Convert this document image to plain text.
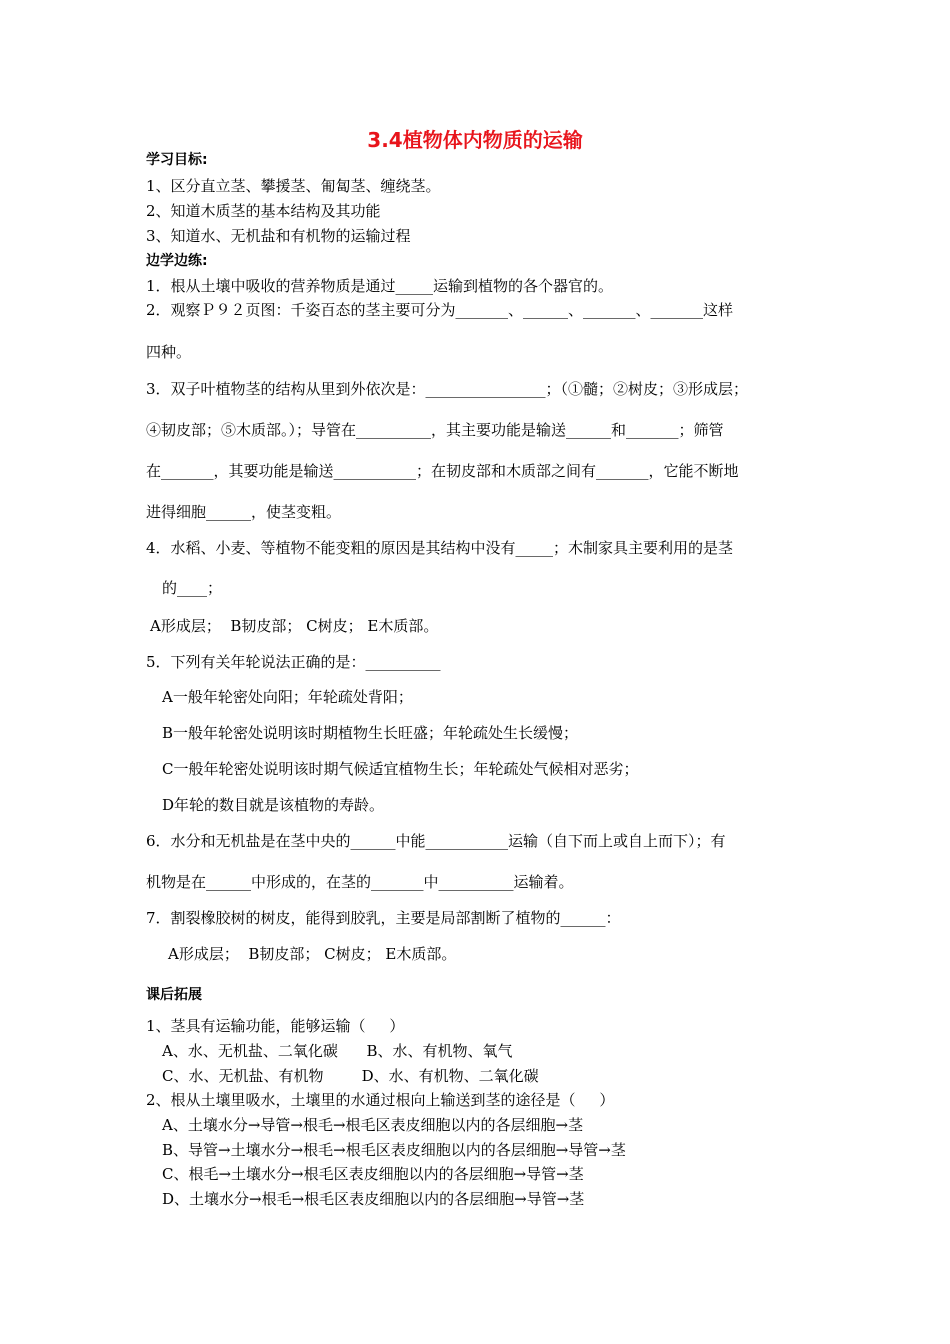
3.4植物体内物质的运输
学习目标:
1、区分直立茎、攀援茎、匍匐茎、缠绕茎。
2、知道木质茎的基本结构及其功能
3、知道水、无机盐和有机物的运输过程
边学边练:
1．根从土壤中吸收的营养物质是通过_____运输到植物的各个器官的。
2．观察Ｐ９２页图：千姿百态的茎主要可分为_______、______、_______、_______这样
四种。
3．双子叶植物茎的结构从里到外依次是：________________；（①髓；②树皮；③形成层；
④韧皮部；⑤木质部。）；导管在__________，其主要功能是输送______和_______；筛管
在_______，其要功能是输送___________；在韧皮部和木质部之间有_______，它能不断地
进得细胞______，使茎变粗。
4．水稻、小麦、等植物不能变粗的原因是其结构中没有_____；木制家具主要利用的是茎
的____；
A形成层；  B韧皮部； C树皮； E木质部。
5．下列有关年轮说法正确的是：__________
A一般年轮密处向阳；年轮疏处背阳；
B一般年轮密处说明该时期植物生长旺盛；年轮疏处生长缓慢；
C一般年轮密处说明该时期气候适宜植物生长；年轮疏处气候相对恶劣；
D年轮的数目就是该植物的寿龄。
6．水分和无机盐是在茎中央的______中能___________运输（自下而上或自上而下）；有
机物是在______中形成的，在茎的_______中__________运输着。
7．割裂橡胶树的树皮，能得到胶乳，主要是局部割断了植物的______：
A形成层；  B韧皮部； C树皮； E木质部。
课后拓展
1、茎具有运输功能，能够运输（     ）
A、水、无机盐、二氧化碳      B、水、有机物、氧气
C、水、无机盐、有机物        D、水、有机物、二氧化碳
2、根从土壤里吸水，土壤里的水通过根向上输送到茎的途径是（     ）
A、土壤水分→导管→根毛→根毛区表皮细胞以内的各层细胞→茎
B、导管→土壤水分→根毛→根毛区表皮细胞以内的各层细胞→导管→茎
C、根毛→土壤水分→根毛区表皮细胞以内的各层细胞→导管→茎
D、土壤水分→根毛→根毛区表皮细胞以内的各层细胞→导管→茎
